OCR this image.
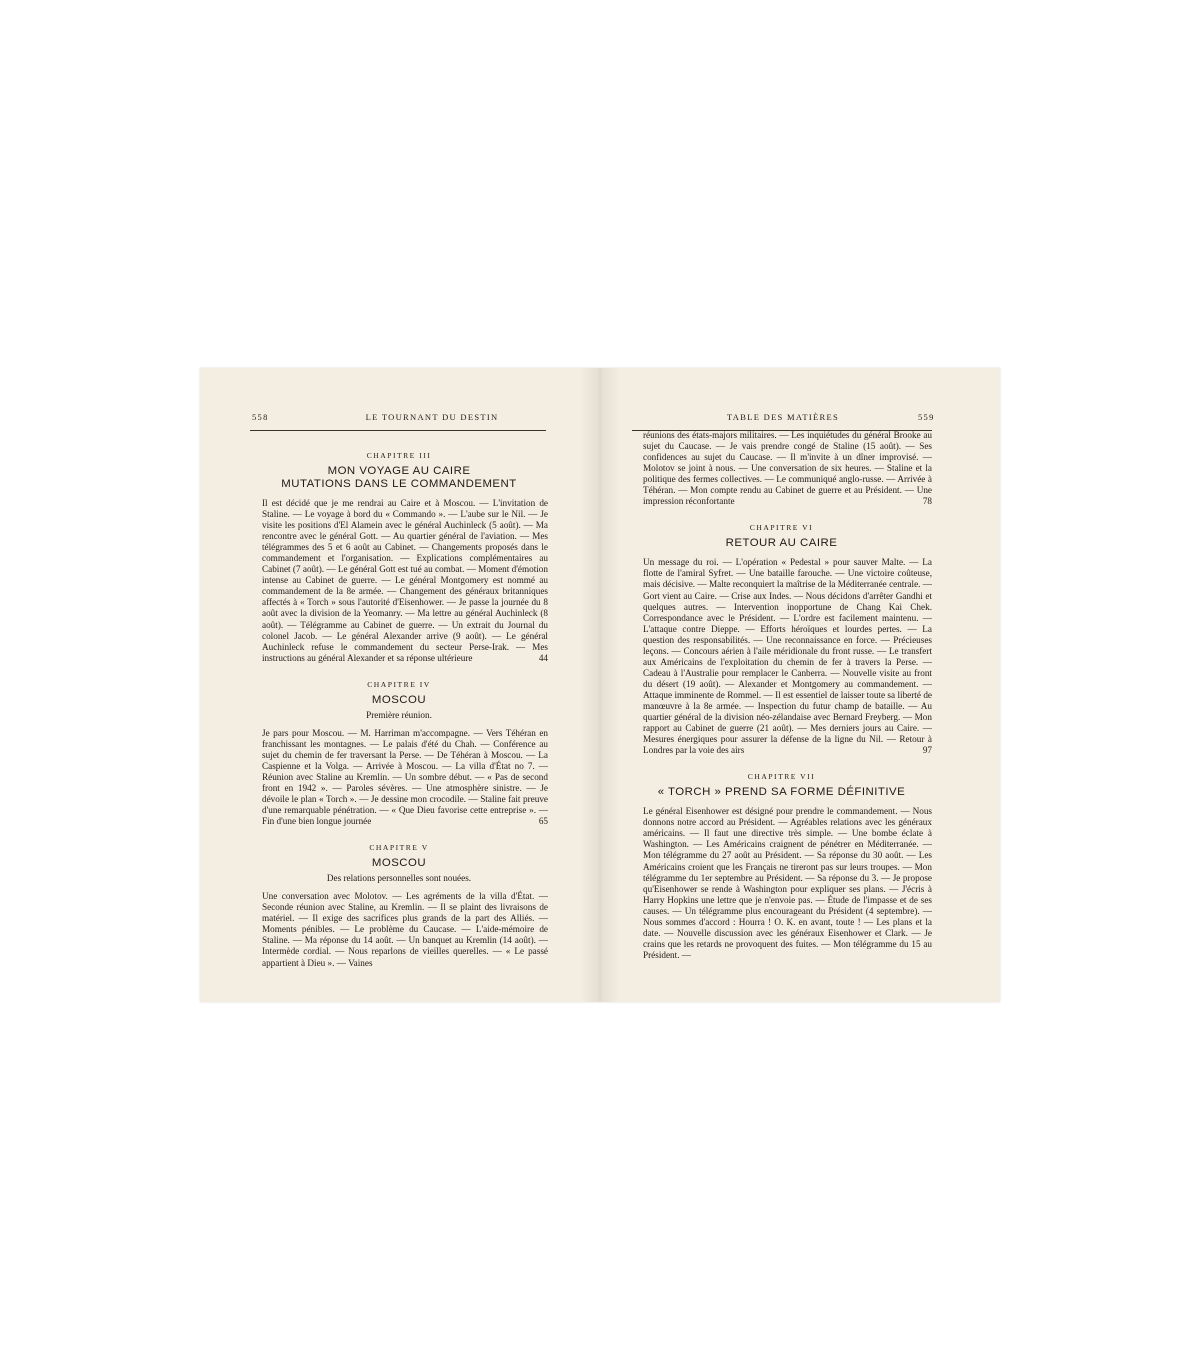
558	LE TOURNANT DU DESTIN
CHAPITRE III
MON VOYAGE AU CAIRE
MUTATIONS DANS LE COMMANDEMENT
Il est décidé que je me rendrai au Caire et à Moscou. — L'invitation de Staline. — Le voyage à bord du « Commando ». — L'aube sur le Nil. — Je visite les positions d'El Alamein avec le général Auchinleck (5 août). — Ma rencontre avec le général Gott. — Au quartier général de l'aviation. — Mes télégrammes des 5 et 6 août au Cabinet. — Changements proposés dans le commandement et l'organisation. — Explications complémentaires au Cabinet (7 août). — Le général Gott est tué au combat. — Moment d'émotion intense au Cabinet de guerre. — Le général Montgomery est nommé au commandement de la 8e armée. — Changement des généraux britanniques affectés à « Torch » sous l'autorité d'Eisenhower. — Je passe la journée du 8 août avec la division de la Yeomanry. — Ma lettre au général Auchinleck (8 août). — Télégramme au Cabinet de guerre. — Un extrait du Journal du colonel Jacob. — Le général Alexander arrive (9 août). — Le général Auchinleck refuse le commandement du secteur Perse-Irak. — Mes instructions au général Alexander et sa réponse ultérieure	44
CHAPITRE IV
MOSCOU
Première réunion.
Je pars pour Moscou. — M. Harriman m'accompagne. — Vers Téhéran en franchissant les montagnes. — Le palais d'été du Chah. — Conférence au sujet du chemin de fer traversant la Perse. — De Téhéran à Moscou. — La Caspienne et la Volga. — Arrivée à Moscou. — La villa d'État no 7. — Réunion avec Staline au Kremlin. — Un sombre début. — « Pas de second front en 1942 ». — Paroles sévères. — Une atmosphère sinistre. — Je dévoile le plan « Torch ». — Je dessine mon crocodile. — Staline fait preuve d'une remarquable pénétration. — « Que Dieu favorise cette entreprise ». — Fin d'une bien longue journée	65
CHAPITRE V
MOSCOU
Des relations personnelles sont nouées.
Une conversation avec Molotov. — Les agréments de la villa d'État. — Seconde réunion avec Staline, au Kremlin. — Il se plaint des livraisons de matériel. — Il exige des sacrifices plus grands de la part des Alliés. — Moments pénibles. — Le problème du Caucase. — L'aide-mémoire de Staline. — Ma réponse du 14 août. — Un banquet au Kremlin (14 août). — Intermède cordial. — Nous reparlons de vieilles querelles. — « Le passé appartient à Dieu ». — Vaines
TABLE DES MATIÈRES	559
réunions des états-majors militaires. — Les inquiétudes du général Brooke au sujet du Caucase. — Je vais prendre congé de Staline (15 août). — Ses confidences au sujet du Caucase. — Il m'invite à un dîner improvisé. — Molotov se joint à nous. — Une conversation de six heures. — Staline et la politique des fermes collectives. — Le communiqué anglo-russe. — Arrivée à Téhéran. — Mon compte rendu au Cabinet de guerre et au Président. — Une impression réconfortante	78
CHAPITRE VI
RETOUR AU CAIRE
Un message du roi. — L'opération « Pedestal » pour sauver Malte. — La flotte de l'amiral Syfret. — Une bataille farouche. — Une victoire coûteuse, mais décisive. — Malte reconquiert la maîtrise de la Méditerranée centrale. — Gort vient au Caire. — Crise aux Indes. — Nous décidons d'arrêter Gandhi et quelques autres. — Intervention inopportune de Chang Kai Chek. Correspondance avec le Président. — L'ordre est facilement maintenu. — L'attaque contre Dieppe. — Efforts héroïques et lourdes pertes. — La question des responsabilités. — Une reconnaissance en force. — Précieuses leçons. — Concours aérien à l'aile méridionale du front russe. — Le transfert aux Américains de l'exploitation du chemin de fer à travers la Perse. — Cadeau à l'Australie pour remplacer le Canberra. — Nouvelle visite au front du désert (19 août). — Alexander et Montgomery au commandement. — Attaque imminente de Rommel. — Il est essentiel de laisser toute sa liberté de manœuvre à la 8e armée. — Inspection du futur champ de bataille. — Au quartier général de la division néo-zélandaise avec Bernard Freyberg. — Mon rapport au Cabinet de guerre (21 août). — Mes derniers jours au Caire. — Mesures énergiques pour assurer la défense de la ligne du Nil. — Retour à Londres par la voie des airs	97
CHAPITRE VII
« TORCH » PREND SA FORME DÉFINITIVE
Le général Eisenhower est désigné pour prendre le commandement. — Nous donnons notre accord au Président. — Agréables relations avec les généraux américains. — Il faut une directive très simple. — Une bombe éclate à Washington. — Les Américains craignent de pénétrer en Méditerranée. — Mon télégramme du 27 août au Président. — Sa réponse du 30 août. — Les Américains croient que les Français ne tireront pas sur leurs troupes. — Mon télégramme du 1er septembre au Président. — Sa réponse du 3. — Je propose qu'Eisenhower se rende à Washington pour expliquer ses plans. — J'écris à Harry Hopkins une lettre que je n'envoie pas. — Étude de l'impasse et de ses causes. — Un télégramme plus encourageant du Président (4 septembre). — Nous sommes d'accord : Hourra ! O. K. en avant, toute ! — Les plans et la date. — Nouvelle discussion avec les généraux Eisenhower et Clark. — Je crains que les retards ne provoquent des fuites. — Mon télégramme du 15 au Président. —
